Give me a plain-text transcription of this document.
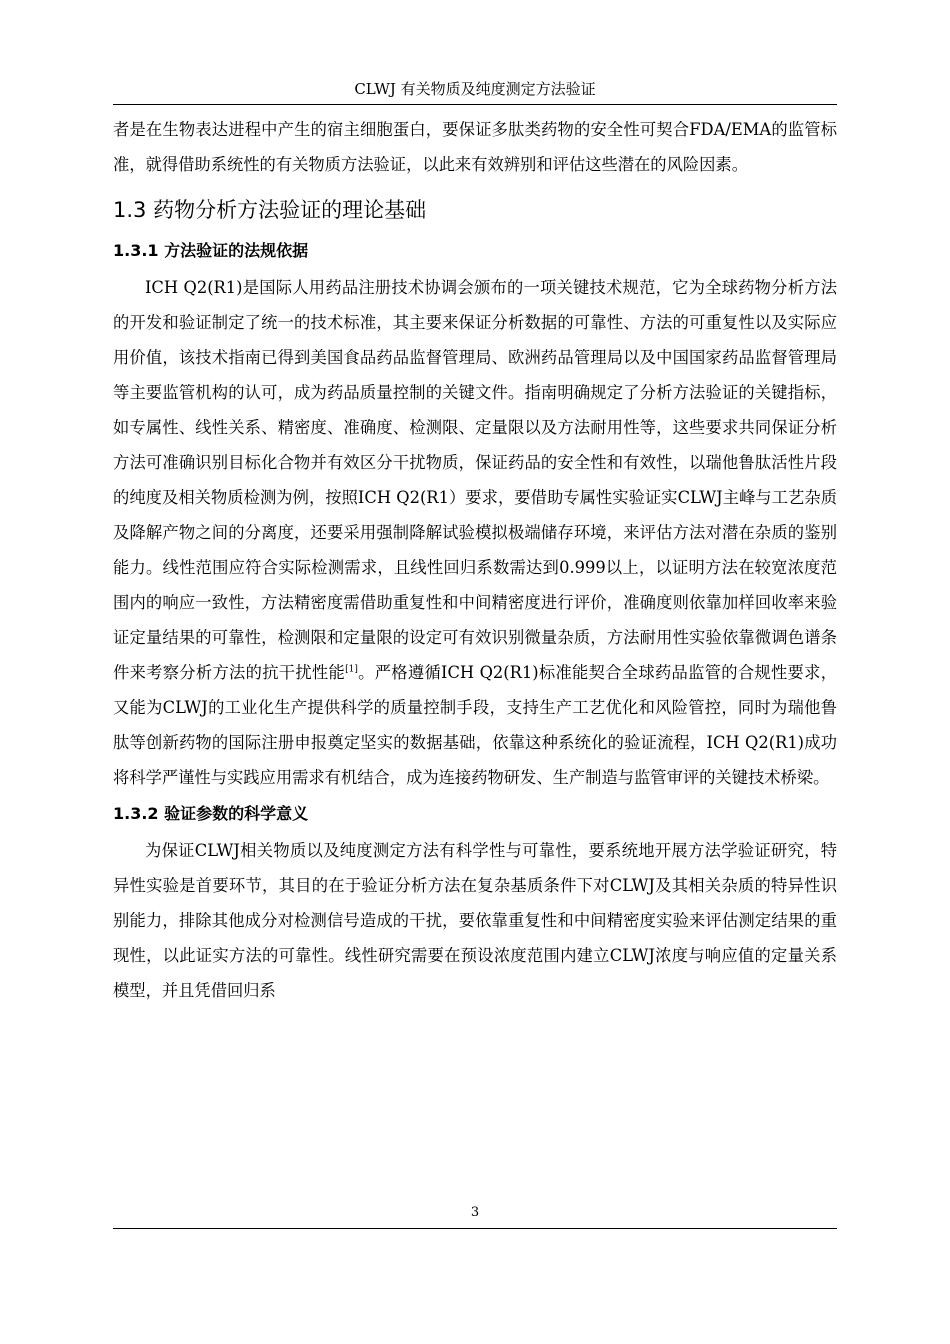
CLWJ 有关物质及纯度测定方法验证

者是在生物表达进程中产生的宿主细胞蛋白，要保证多肽类药物的安全性可契合FDA/EMA的监管标准，就得借助系统性的有关物质方法验证，以此来有效辨别和评估这些潜在的风险因素。

1.3 药物分析方法验证的理论基础
1.3.1 方法验证的法规依据

ICH Q2(R1)是国际人用药品注册技术协调会颁布的一项关键技术规范，它为全球药物分析方法的开发和验证制定了统一的技术标准，其主要来保证分析数据的可靠性、方法的可重复性以及实际应用价值，该技术指南已得到美国食品药品监督管理局、欧洲药品管理局以及中国国家药品监督管理局等主要监管机构的认可，成为药品质量控制的关键文件。指南明确规定了分析方法验证的关键指标，如专属性、线性关系、精密度、准确度、检测限、定量限以及方法耐用性等，这些要求共同保证分析方法可准确识别目标化合物并有效区分干扰物质，保证药品的安全性和有效性，以瑞他鲁肽活性片段的纯度及相关物质检测为例，按照ICH Q2(R1）要求，要借助专属性实验证实CLWJ主峰与工艺杂质及降解产物之间的分离度，还要采用强制降解试验模拟极端储存环境，来评估方法对潜在杂质的鉴别能力。线性范围应符合实际检测需求，且线性回归系数需达到0.999以上，以证明方法在较宽浓度范围内的响应一致性，方法精密度需借助重复性和中间精密度进行评价，准确度则依靠加样回收率来验证定量结果的可靠性，检测限和定量限的设定可有效识别微量杂质，方法耐用性实验依靠微调色谱条件来考察分析方法的抗干扰性能[1]。严格遵循ICH Q2(R1)标准能契合全球药品监管的合规性要求，又能为CLWJ的工业化生产提供科学的质量控制手段，支持生产工艺优化和风险管控，同时为瑞他鲁肽等创新药物的国际注册申报奠定坚实的数据基础，依靠这种系统化的验证流程，ICH Q2(R1)成功将科学严谨性与实践应用需求有机结合，成为连接药物研发、生产制造与监管审评的关键技术桥梁。

1.3.2 验证参数的科学意义

为保证CLWJ相关物质以及纯度测定方法有科学性与可靠性，要系统地开展方法学验证研究，特异性实验是首要环节，其目的在于验证分析方法在复杂基质条件下对CLWJ及其相关杂质的特异性识别能力，排除其他成分对检测信号造成的干扰，要依靠重复性和中间精密度实验来评估测定结果的重现性，以此证实方法的可靠性。线性研究需要在预设浓度范围内建立CLWJ浓度与响应值的定量关系模型，并且凭借回归系

3
